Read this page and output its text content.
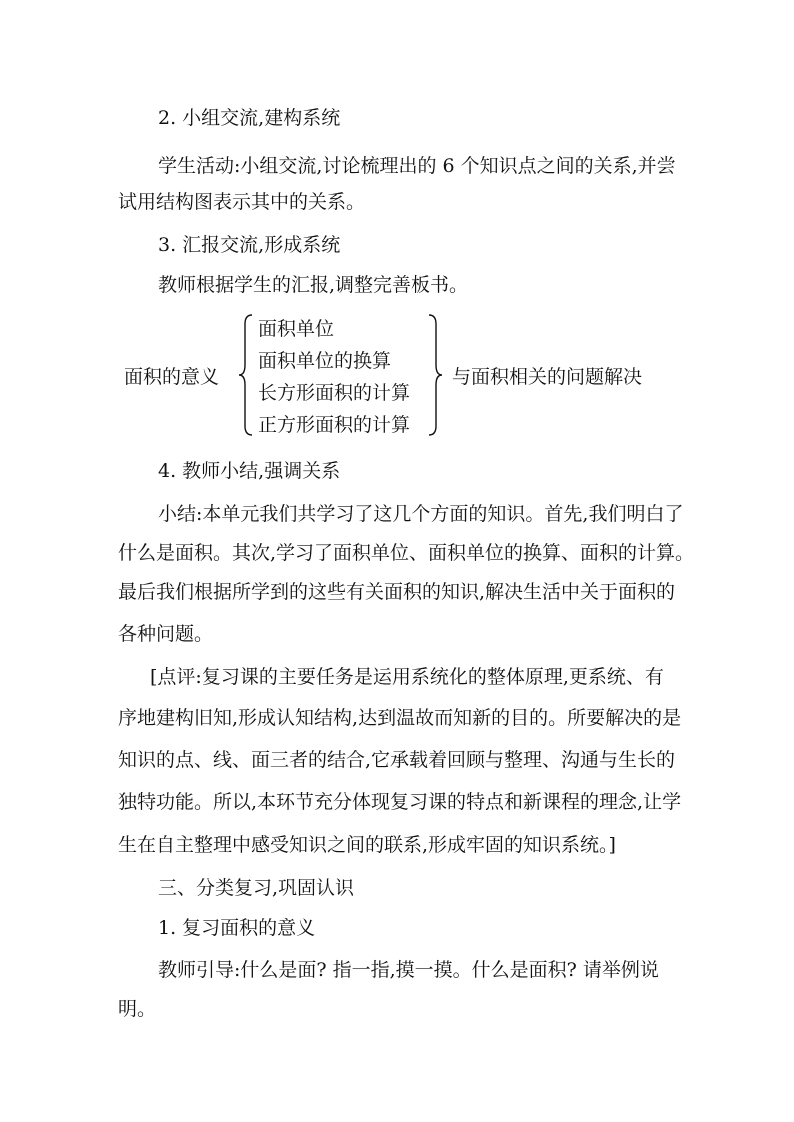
2. 小组交流,建构系统
学生活动:小组交流,讨论梳理出的 6 个知识点之间的关系,并尝
试用结构图表示其中的关系。
3. 汇报交流,形成系统
教师根据学生的汇报,调整完善板书。
面积的意义
面积单位
面积单位的换算
长方形面积的计算
正方形面积的计算
与面积相关的问题解决
4. 教师小结,强调关系
小结:本单元我们共学习了这几个方面的知识。首先,我们明白了
什么是面积。其次,学习了面积单位、面积单位的换算、面积的计算。
最后我们根据所学到的这些有关面积的知识,解决生活中关于面积的
各种问题。
[点评:复习课的主要任务是运用系统化的整体原理,更系统、有
序地建构旧知,形成认知结构,达到温故而知新的目的。所要解决的是
知识的点、线、面三者的结合,它承载着回顾与整理、沟通与生长的
独特功能。所以,本环节充分体现复习课的特点和新课程的理念,让学
生在自主整理中感受知识之间的联系,形成牢固的知识系统。]
三、分类复习,巩固认识
1. 复习面积的意义
教师引导:什么是面? 指一指,摸一摸。什么是面积? 请举例说
明。
